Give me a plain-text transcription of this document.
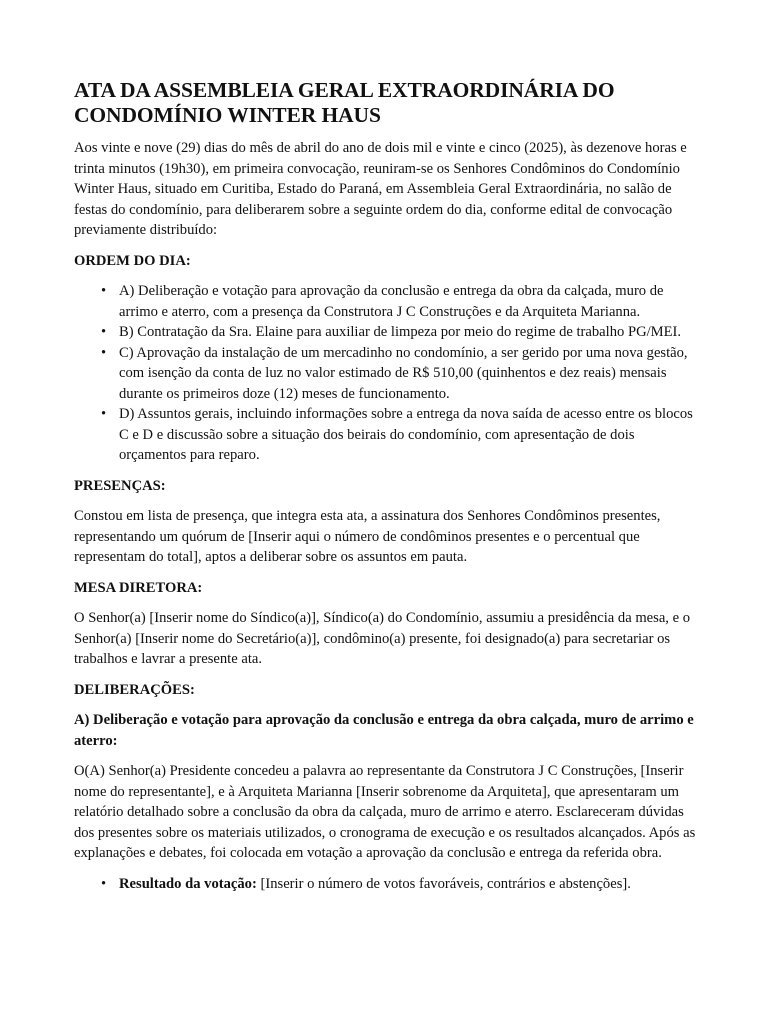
ATA DA ASSEMBLEIA GERAL EXTRAORDINÁRIA DO CONDOMÍNIO WINTER HAUS

Aos vinte e nove (29) dias do mês de abril do ano de dois mil e vinte e cinco (2025), às dezenove horas e trinta minutos (19h30), em primeira convocação, reuniram-se os Senhores Condôminos do Condomínio Winter Haus, situado em Curitiba, Estado do Paraná, em Assembleia Geral Extraordinária, no salão de festas do condomínio, para deliberarem sobre a seguinte ordem do dia, conforme edital de convocação previamente distribuído:

ORDEM DO DIA:
• A) Deliberação e votação para aprovação da conclusão e entrega da obra da calçada, muro de arrimo e aterro, com a presença da Construtora J C Construções e da Arquiteta Marianna.
• B) Contratação da Sra. Elaine para auxiliar de limpeza por meio do regime de trabalho PG/MEI.
• C) Aprovação da instalação de um mercadinho no condomínio, a ser gerido por uma nova gestão, com isenção da conta de luz no valor estimado de R$ 510,00 (quinhentos e dez reais) mensais durante os primeiros doze (12) meses de funcionamento.
• D) Assuntos gerais, incluindo informações sobre a entrega da nova saída de acesso entre os blocos C e D e discussão sobre a situação dos beirais do condomínio, com apresentação de dois orçamentos para reparo.
PRESENÇAS:

Constou em lista de presença, que integra esta ata, a assinatura dos Senhores Condôminos presentes, representando um quórum de [Inserir aqui o número de condôminos presentes e o percentual que representam do total], aptos a deliberar sobre os assuntos em pauta.

MESA DIRETORA:

O Senhor(a) [Inserir nome do Síndico(a)], Síndico(a) do Condomínio, assumiu a presidência da mesa, e o Senhor(a) [Inserir nome do Secretário(a)], condômino(a) presente, foi designado(a) para secretariar os trabalhos e lavrar a presente ata.

DELIBERAÇÕES:
A) Deliberação e votação para aprovação da conclusão e entrega da obra calçada, muro de arrimo e aterro:

O(A) Senhor(a) Presidente concedeu a palavra ao representante da Construtora J C Construções, [Inserir nome do representante], e à Arquiteta Marianna [Inserir sobrenome da Arquiteta], que apresentaram um relatório detalhado sobre a conclusão da obra da calçada, muro de arrimo e aterro. Esclareceram dúvidas dos presentes sobre os materiais utilizados, o cronograma de execução e os resultados alcançados. Após as explanações e debates, foi colocada em votação a aprovação da conclusão e entrega da referida obra.

• Resultado da votação: [Inserir o número de votos favoráveis, contrários e abstenções].
